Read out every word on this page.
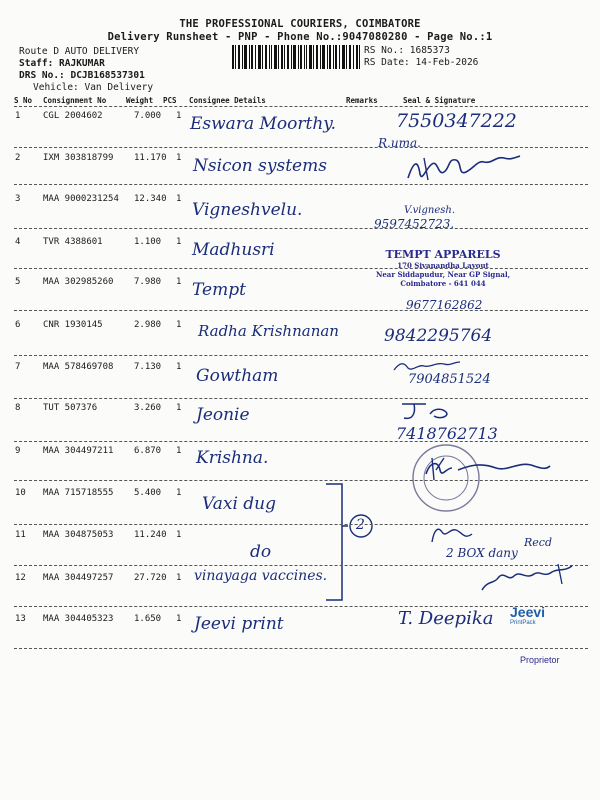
THE PROFESSIONAL COURIERS, COIMBATORE
Delivery Runsheet - PNP - Phone No.:9047080280 - Page No.:1
Route D AUTO DELIVERY
Staff: RAJKUMAR
DRS No.: DCJB168537301
Vehicle: Van Delivery
RS No.: 1685373
RS Date: 14-Feb-2026
S No Consignment No	Weight PCS Consignee Details	Remarks	Seal & Signature
1	CGL 2004602	7.000 1 Eswara Moorthy.	7550347222
R.uma.
2	IXM 303818799 11.170 1 Nsicon systems
3	MAA 9000231254 12.340 1
Vigneshvelu.	V.vignesh.
9597452723.
4	TVR 4388601	1.100 1 Madhusri	TEMPT APPARELS
170 Sivanandha Layout
Near Siddapudur, Near GP Signal,
Coimbatore - 641 044
5	MAA 302985260 7.980 1 Tempt
9677162862
6	CNR 1930145	2.980 1 Radha Krishnanan	9842295764
7	MAA 578469708 7.130 1 Gowtham	7904851524
8	TUT 507376	3.260 1 Jeonie
7418762713
9	MAA 304497211 6.870 1 Krishna.
10 MAA 715718555 5.400 1
Vaxi dug
2
11 MAA 304875053 11.240 1
do	2 BOX dany
Recd
12 MAA 304497257 27.720 1 vinayaga vaccines.
13 MAA 304405323 1.650 1 Jeevi print	T. Deepika Jeevi
PrintPack
Proprietor
